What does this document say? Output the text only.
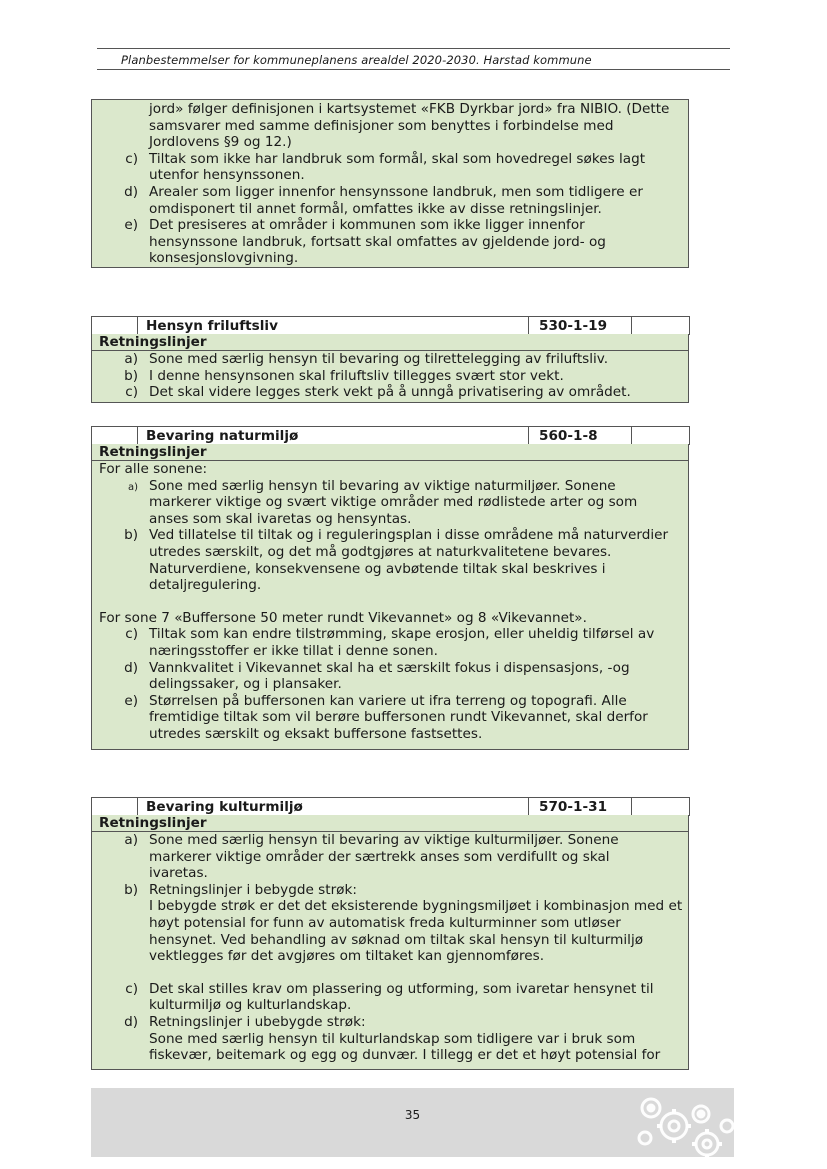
Planbestemmelser for kommuneplanens arealdel 2020-2030. Harstad kommune
jord» følger definisjonen i kartsystemet «FKB Dyrkbar jord» fra NIBIO. (Dette samsvarer med samme definisjoner som benyttes i forbindelse med Jordlovens §9 og 12.)
c) Tiltak som ikke har landbruk som formål, skal som hovedregel søkes lagt utenfor hensynssonen.
d) Arealer som ligger innenfor hensynssone landbruk, men som tidligere er omdisponert til annet formål, omfattes ikke av disse retningslinjer.
e) Det presiseres at områder i kommunen som ikke ligger innenfor hensynssone landbruk, fortsatt skal omfattes av gjeldende jord- og konsesjonslovgivning.
	Hensyn friluftsliv	530-1-19	
Retningslinjer
a) Sone med særlig hensyn til bevaring og tilrettelegging av friluftsliv.
b) I denne hensynsonen skal friluftsliv tillegges svært stor vekt.
c) Det skal videre legges sterk vekt på å unngå privatisering av området.
	Bevaring naturmiljø	560-1-8	
Retningslinjer
For alle sonene:
a) Sone med særlig hensyn til bevaring av viktige naturmiljøer. Sonene markerer viktige og svært viktige områder med rødlistede arter og som anses som skal ivaretas og hensyntas.
b) Ved tillatelse til tiltak og i reguleringsplan i disse områdene må naturverdier utredes særskilt, og det må godtgjøres at naturkvalitetene bevares. Naturverdiene, konsekvensene og avbøtende tiltak skal beskrives i detaljregulering.
For sone 7 «Buffersone 50 meter rundt Vikevannet» og 8 «Vikevannet».
c) Tiltak som kan endre tilstrømming, skape erosjon, eller uheldig tilførsel av næringsstoffer er ikke tillat i denne sonen.
d) Vannkvalitet i Vikevannet skal ha et særskilt fokus i dispensasjons, -og delingssaker, og i plansaker.
e) Størrelsen på buffersonen kan variere ut ifra terreng og topografi. Alle fremtidige tiltak som vil berøre buffersonen rundt Vikevannet, skal derfor utredes særskilt og eksakt buffersone fastsettes.
	Bevaring kulturmiljø	570-1-31	
Retningslinjer
a) Sone med særlig hensyn til bevaring av viktige kulturmiljøer. Sonene markerer viktige områder der særtrekk anses som verdifullt og skal ivaretas.
b) Retningslinjer i bebygde strøk:
I bebygde strøk er det det eksisterende bygningsmiljøet i kombinasjon med et høyt potensial for funn av automatisk freda kulturminner som utløser hensynet. Ved behandling av søknad om tiltak skal hensyn til kulturmiljø vektlegges før det avgjøres om tiltaket kan gjennomføres.
c) Det skal stilles krav om plassering og utforming, som ivaretar hensynet til kulturmiljø og kulturlandskap.
d) Retningslinjer i ubebygde strøk:
Sone med særlig hensyn til kulturlandskap som tidligere var i bruk som fiskevær, beitemark og egg og dunvær. I tillegg er det et høyt potensial for
35
